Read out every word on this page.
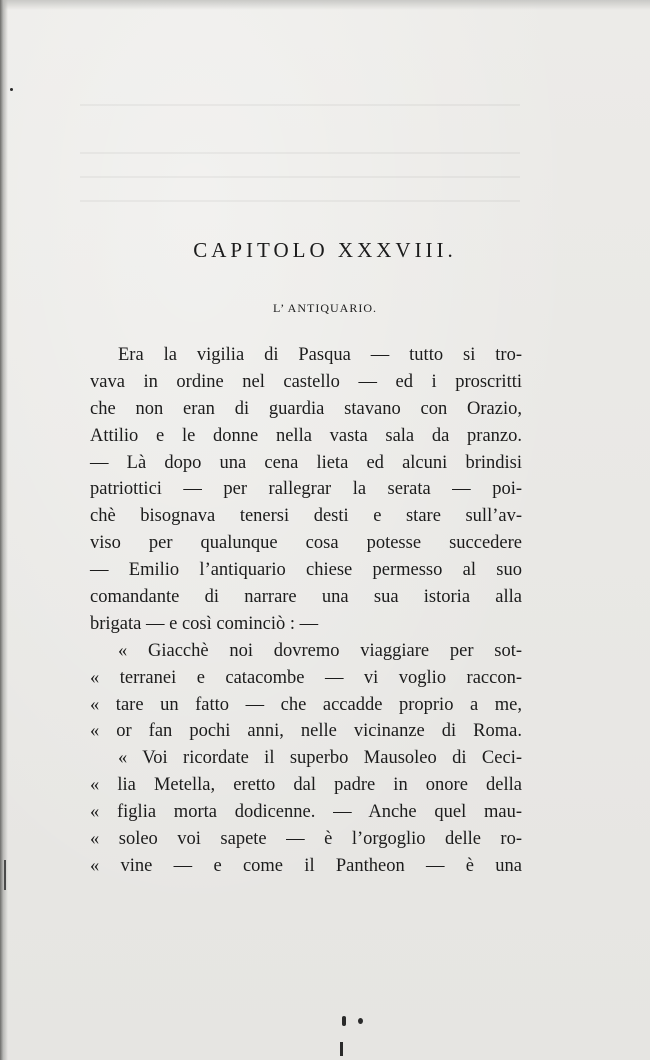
CAPITOLO XXXVIII.
L’ ANTIQUARIO.
Era la vigilia di Pasqua — tutto si tro-
vava in ordine nel castello — ed i proscritti
che non eran di guardia stavano con Orazio,
Attilio e le donne nella vasta sala da pranzo.
— Là dopo una cena lieta ed alcuni brindisi
patriottici — per rallegrar la serata — poi-
chè bisognava tenersi desti e stare sull’av-
viso per qualunque cosa potesse succedere
— Emilio l’antiquario chiese permesso al suo
comandante di narrare una sua istoria alla
brigata — e così cominciò : —
« Giacchè noi dovremo viaggiare per sot-
« terranei e catacombe — vi voglio raccon-
« tare un fatto — che accadde proprio a me,
« or fan pochi anni, nelle vicinanze di Roma.
« Voi ricordate il superbo Mausoleo di Ceci-
« lia Metella, eretto dal padre in onore della
« figlia morta dodicenne. — Anche quel mau-
« soleo voi sapete — è l’orgoglio delle ro-
« vine — e come il Pantheon — è una
